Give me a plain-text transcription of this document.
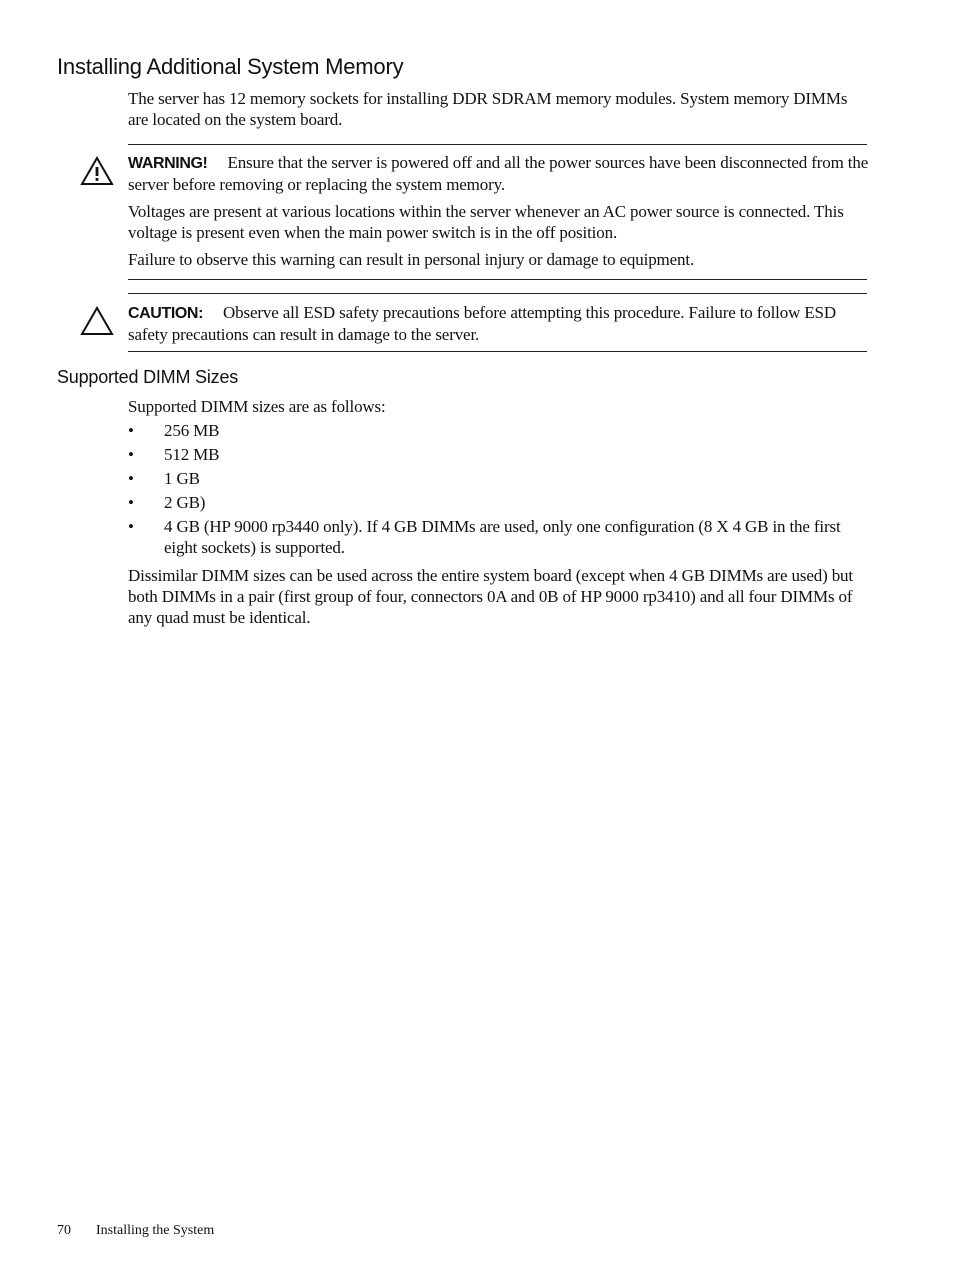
Installing Additional System Memory

The server has 12 memory sockets for installing DDR SDRAM memory modules. System memory DIMMs are located on the system board.

WARNING! Ensure that the server is powered off and all the power sources have been disconnected from the server before removing or replacing the system memory.

Voltages are present at various locations within the server whenever an AC power source is connected. This voltage is present even when the main power switch is in the off position.

Failure to observe this warning can result in personal injury or damage to equipment.

CAUTION: Observe all ESD safety precautions before attempting this procedure. Failure to follow ESD safety precautions can result in damage to the server.

Supported DIMM Sizes

Supported DIMM sizes are as follows:

• 256 MB
• 512 MB
• 1 GB
• 2 GB)
• 4 GB (HP 9000 rp3440 only). If 4 GB DIMMs are used, only one configuration (8 X 4 GB in the first eight sockets) is supported.

Dissimilar DIMM sizes can be used across the entire system board (except when 4 GB DIMMs are used) but both DIMMs in a pair (first group of four, connectors 0A and 0B of HP 9000 rp3410) and all four DIMMs of any quad must be identical.

70 Installing the System
